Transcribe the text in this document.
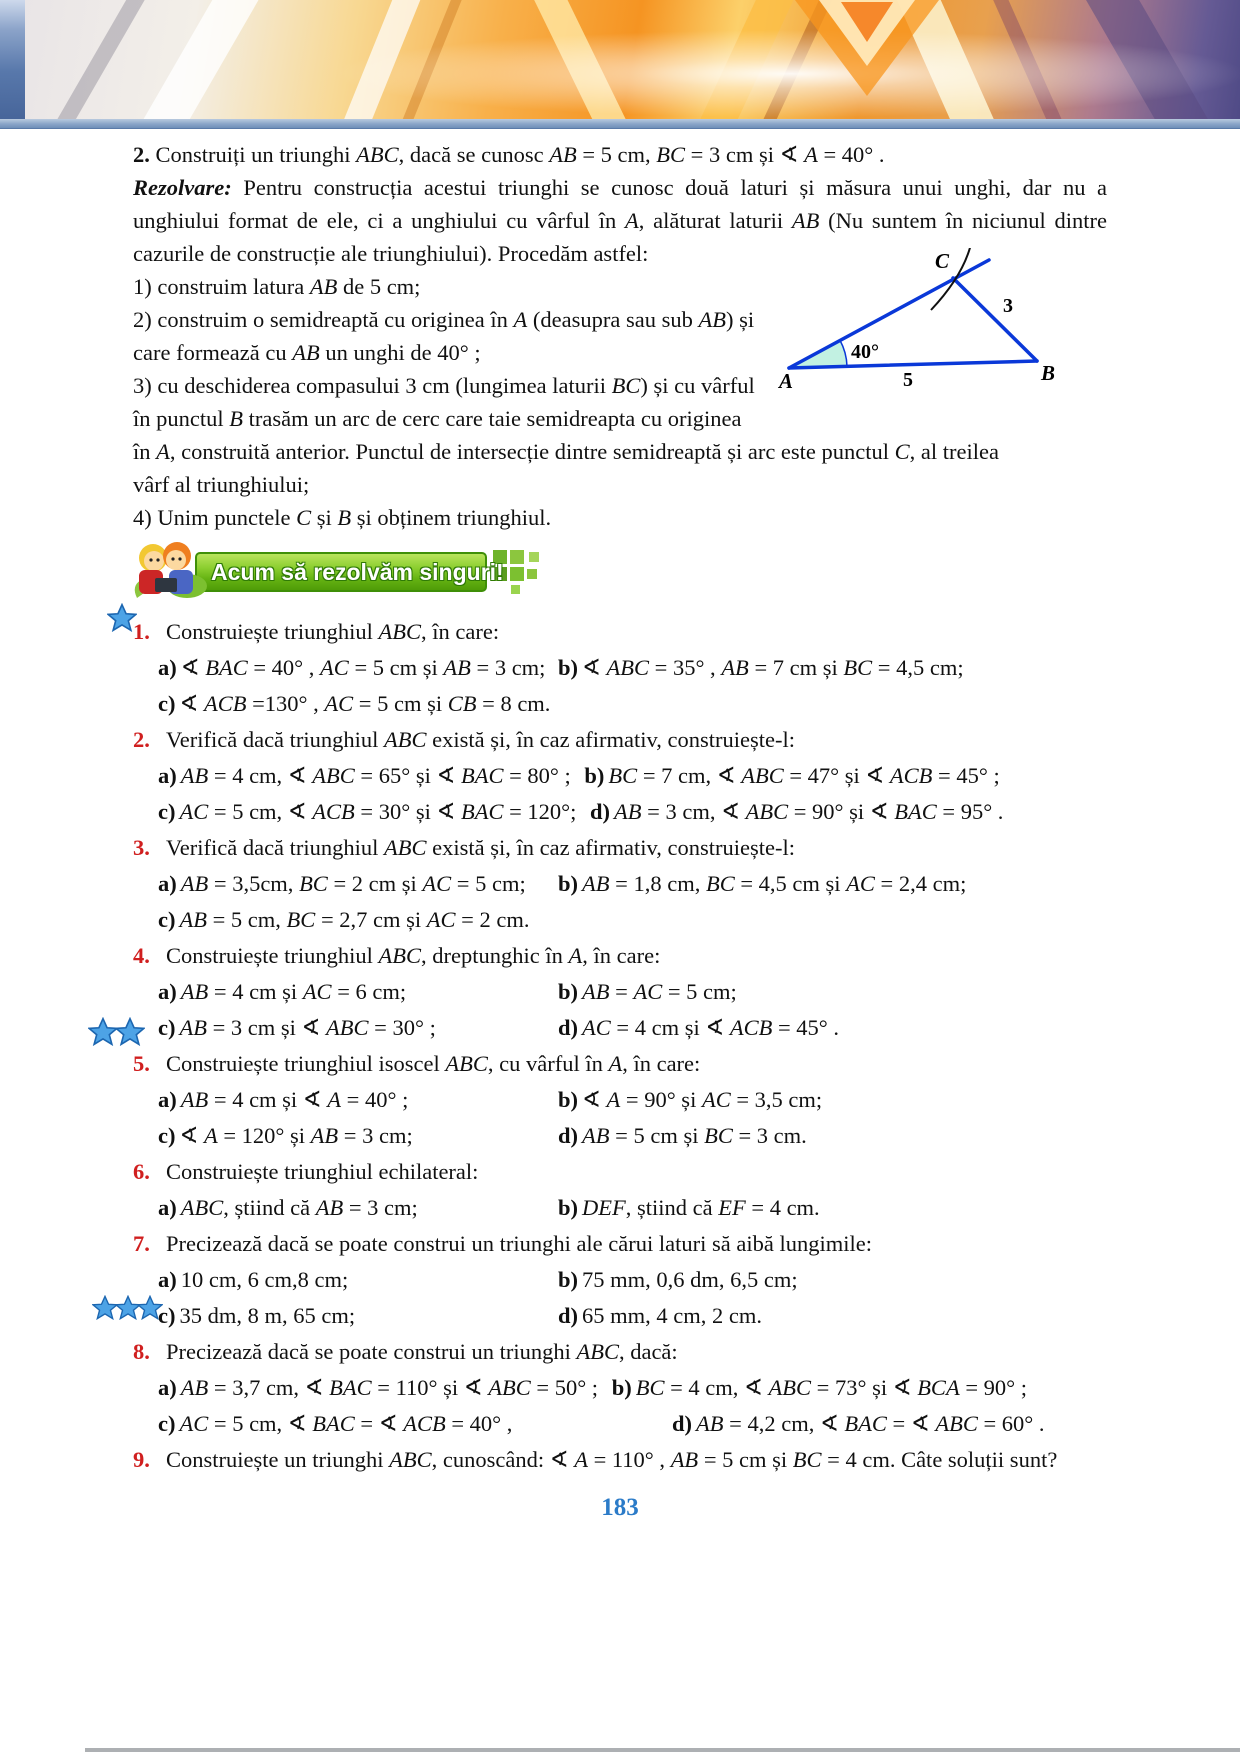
2. Construiți un triunghi ABC, dacă se cunosc AB = 5 cm, BC = 3 cm și ∢ A = 40° .
Rezolvare: Pentru construcția acestui triunghi se cunosc două laturi și măsura unui unghi, dar nu a unghiului format de ele, ci a unghiului cu vârful în A, alăturat laturii AB (Nu suntem în niciunul dintre cazurile de construcție ale triunghiului). Procedăm astfel:
1) construim latura AB de 5 cm;
2) construim o semidreaptă cu originea în A (deasupra sau sub AB) și
care formează cu AB un unghi de 40° ;
3) cu deschiderea compasului 3 cm (lungimea laturii BC) și cu vârful
în punctul B trasăm un arc de cerc care taie semidreapta cu originea
în A, construită anterior. Punctul de intersecție dintre semidreaptă și arc este punctul C, al treilea
vârf al triunghiului;
4) Unim punctele C și B și obținem triunghiul.
A	B
C
40°
5
3
Acum să rezolvăm singuri!
1. Construiește triunghiul ABC, în care:
a) ∢ BAC = 40° , AC = 5 cm și AB = 3 cm; b) ∢ ABC = 35° , AB = 7 cm și BC = 4,5 cm;
c) ∢ ACB =130° , AC = 5 cm și CB = 8 cm.
2. Verifică dacă triunghiul ABC există și, în caz afirmativ, construiește-l:
a) AB = 4 cm, ∢ ABC = 65° și ∢ BAC = 80° ; b) BC = 7 cm, ∢ ABC = 47° și ∢ ACB = 45° ;
c) AC = 5 cm, ∢ ACB = 30° și ∢ BAC = 120°; d) AB = 3 cm, ∢ ABC = 90° și ∢ BAC = 95° .
3. Verifică dacă triunghiul ABC există și, în caz afirmativ, construiește-l:
a) AB = 3,5cm, BC = 2 cm și AC = 5 cm;	b) AB = 1,8 cm, BC = 4,5 cm și AC = 2,4 cm;
c) AB = 5 cm, BC = 2,7 cm și AC = 2 cm.
4. Construiește triunghiul ABC, dreptunghic în A, în care:
a) AB = 4 cm și AC = 6 cm;	b) AB = AC = 5 cm;

c) AB = 3 cm și ∢ ABC = 30° ;	d) AC = 4 cm și ∢ ACB = 45° .
5. Construiește triunghiul isoscel ABC, cu vârful în A, în care:
a) AB = 4 cm și ∢ A = 40° ;	b) ∢ A = 90° și AC = 3,5 cm;
c) ∢ A = 120° și AB = 3 cm;	d) AB = 5 cm și BC = 3 cm.
6. Construiește triunghiul echilateral:
a) ABC, știind că AB = 3 cm;	b) DEF, știind că EF = 4 cm.
7. Precizează dacă se poate construi un triunghi ale cărui laturi să aibă lungimile:
a) 10 cm, 6 cm,8 cm;	b) 75 mm, 0,6 dm, 6,5 cm;

c) 35 dm, 8 m, 65 cm;	d) 65 mm, 4 cm, 2 cm.
8. Precizează dacă se poate construi un triunghi ABC, dacă:
a) AB = 3,7 cm, ∢ BAC = 110° și ∢ ABC = 50° ; b) BC = 4 cm, ∢ ABC = 73° și ∢ BCA = 90° ;
c) AC = 5 cm, ∢ BAC = ∢ ACB = 40° ,	d) AB = 4,2 cm, ∢ BAC = ∢ ABC = 60° .
9. Construiește un triunghi ABC, cunoscând: ∢ A = 110° , AB = 5 cm și BC = 4 cm. Câte soluții sunt?
183
